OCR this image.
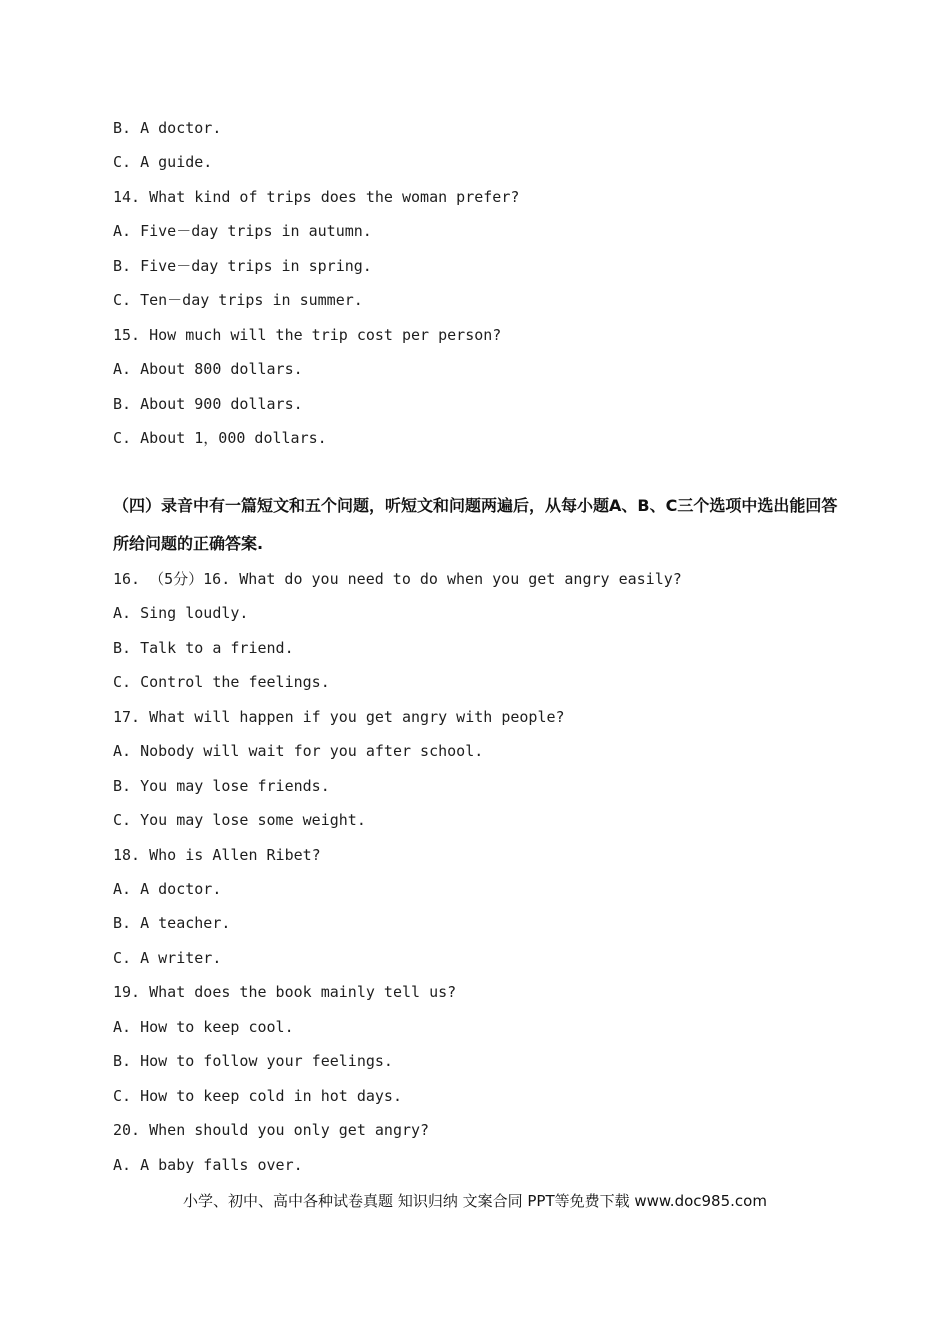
B. A doctor.
C. A guide.
14. What kind of trips does the woman prefer?
A. Five－day trips in autumn.
B. Five－day trips in spring.
C. Ten－day trips in summer.
15. How much will the trip cost per person?
A. About 800 dollars.
B. About 900 dollars.
C. About 1，000 dollars.
（四）录音中有一篇短文和五个问题，听短文和问题两遍后，从每小题A、B、C三个选项中选出能回答所给问题的正确答案.
16. （5分）16. What do you need to do when you get angry easily?
A. Sing loudly.
B. Talk to a friend.
C. Control the feelings.
17. What will happen if you get angry with people?
A. Nobody will wait for you after school.
B. You may lose friends.
C. You may lose some weight.
18. Who is Allen Ribet?
A. A doctor.
B. A teacher.
C. A writer.
19. What does the book mainly tell us?
A. How to keep cool.
B. How to follow your feelings.
C. How to keep cold in hot days.
20. When should you only get angry?
A. A baby falls over.
小学、初中、高中各种试卷真题 知识归纳 文案合同 PPT等免费下载 www.doc985.com
